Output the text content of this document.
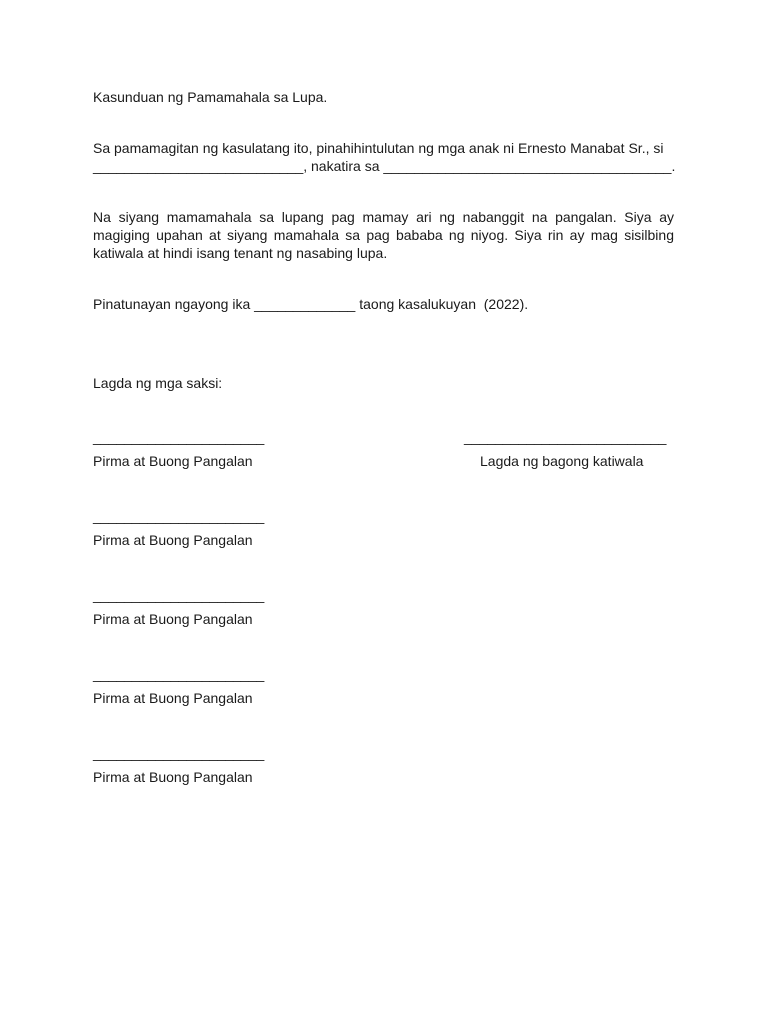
Kasunduan ng Pamamahala sa Lupa.
Sa pamamagitan ng kasulatang ito, pinahihintulutan ng mga anak ni Ernesto Manabat Sr., si
___________________________, nakatira sa _____________________________________.
Na siyang mamamahala sa lupang pag mamay ari ng nabanggit na pangalan. Siya ay magiging upahan at siyang mamahala sa pag bababa ng niyog. Siya rin ay mag sisilbing katiwala at hindi isang tenant ng nasabing lupa.
Pinatunayan ngayong ika _____________ taong kasalukuyan  (2022).
Lagda ng mga saksi:
______________________	__________________________
Pirma at Buong Pangalan	Lagda ng bagong katiwala
______________________
Pirma at Buong Pangalan
______________________
Pirma at Buong Pangalan
______________________
Pirma at Buong Pangalan
______________________
Pirma at Buong Pangalan
